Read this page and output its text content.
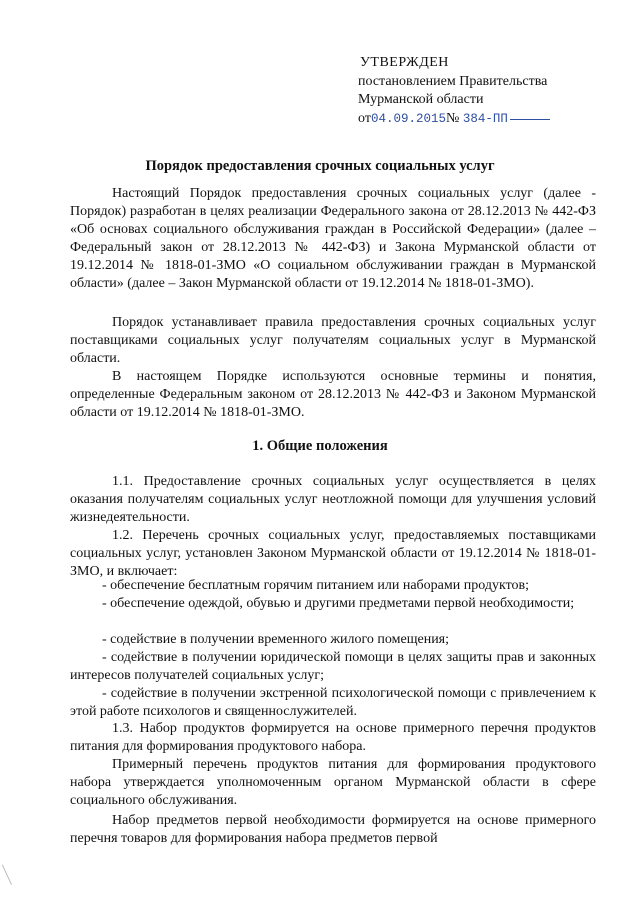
УТВЕРЖДЕН
постановлением Правительства
Мурманской области
от04.09.2015№ 384-ПП
Порядок предоставления срочных социальных услуг
Настоящий Порядок предоставления срочных социальных услуг (далее - Порядок) разработан в целях реализации Федерального закона от 28.12.2013 № 442-ФЗ «Об основах социального обслуживания граждан в Российской Федерации» (далее – Федеральный закон от 28.12.2013 № 442-ФЗ) и Закона Мурманской области от 19.12.2014 № 1818-01-ЗМО «О социальном обслуживании граждан в Мурманской области» (далее – Закон Мурманской области от 19.12.2014 № 1818-01-ЗМО).
Порядок устанавливает правила предоставления срочных социальных услуг поставщиками социальных услуг получателям социальных услуг в Мурманской области.
В настоящем Порядке используются основные термины и понятия, определенные Федеральным законом от 28.12.2013 № 442-ФЗ и Законом Мурманской области от 19.12.2014 № 1818-01-ЗМО.
1. Общие положения
1.1. Предоставление срочных социальных услуг осуществляется в целях оказания получателям социальных услуг неотложной помощи для улучшения условий жизнедеятельности.
1.2. Перечень срочных социальных услуг, предоставляемых поставщиками социальных услуг, установлен Законом Мурманской области от 19.12.2014 № 1818-01-ЗМО, и включает:
- обеспечение бесплатным горячим питанием или наборами продуктов;
- обеспечение одеждой, обувью и другими предметами первой необходимости;
- содействие в получении временного жилого помещения;
- содействие в получении юридической помощи в целях защиты прав и законных интересов получателей социальных услуг;
- содействие в получении экстренной психологической помощи с привлечением к этой работе психологов и священнослужителей.
1.3. Набор продуктов формируется на основе примерного перечня продуктов питания для формирования продуктового набора.
Примерный перечень продуктов питания для формирования продуктового набора утверждается уполномоченным органом Мурманской области в сфере социального обслуживания.
Набор предметов первой необходимости формируется на основе примерного перечня товаров для формирования набора предметов первой
